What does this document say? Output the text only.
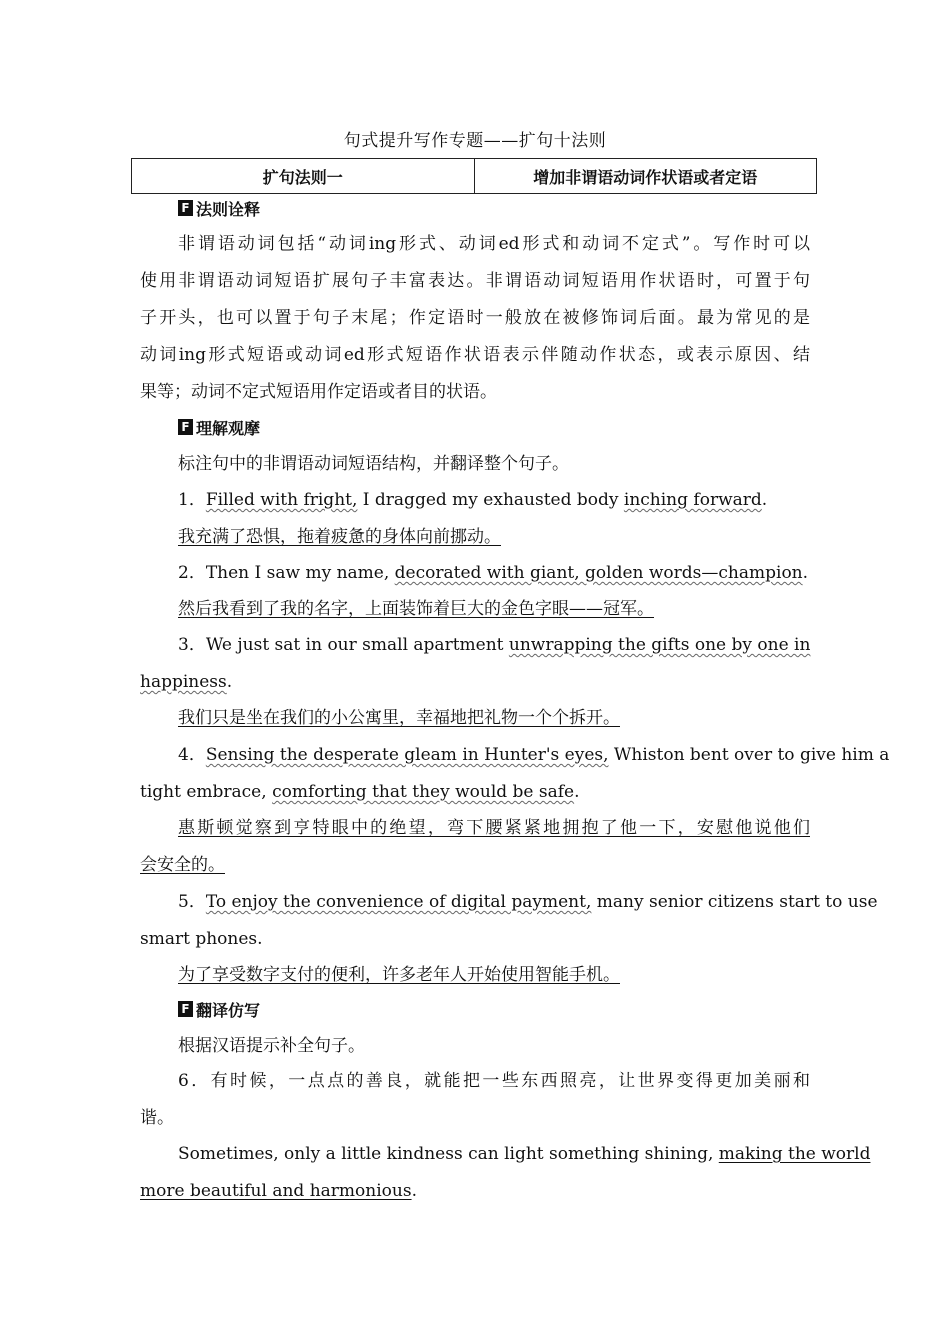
句式提升写作专题——扩句十法则
扩句法则一	增加非谓语动词作状语或者定语
F 法则诠释
非谓语动词包括“动词ing形式、动词ed形式和动词不定式”。写作时可以
使用非谓语动词短语扩展句子丰富表达。非谓语动词短语用作状语时，可置于句
子开头，也可以置于句子末尾；作定语时一般放在被修饰词后面。最为常见的是
动词ing形式短语或动词ed形式短语作状语表示伴随动作状态，或表示原因、结
果等；动词不定式短语用作定语或者目的状语。
F 理解观摩
标注句中的非谓语动词短语结构，并翻译整个句子。
1．Filled with fright, I dragged my exhausted body inching forward.
我充满了恐惧，拖着疲惫的身体向前挪动。
2．Then I saw my name, decorated with giant, golden words—champion.
然后我看到了我的名字，上面装饰着巨大的金色字眼——冠军。
3．We just sat in our small apartment unwrapping the gifts one by one in
happiness.
我们只是坐在我们的小公寓里，幸福地把礼物一个个拆开。
4．Sensing the desperate gleam in Hunter's eyes, Whiston bent over to give him a
tight embrace, comforting that they would be safe.
惠斯顿觉察到亨特眼中的绝望，弯下腰紧紧地拥抱了他一下，安慰他说他们
会安全的。
5．To enjoy the convenience of digital payment, many senior citizens start to use
smart phones.
为了享受数字支付的便利，许多老年人开始使用智能手机。
F 翻译仿写
根据汉语提示补全句子。
6．有时候，一点点的善良，就能把一些东西照亮，让世界变得更加美丽和
谐。
Sometimes, only a little kindness can light something shining, making the world
more beautiful and harmonious.
